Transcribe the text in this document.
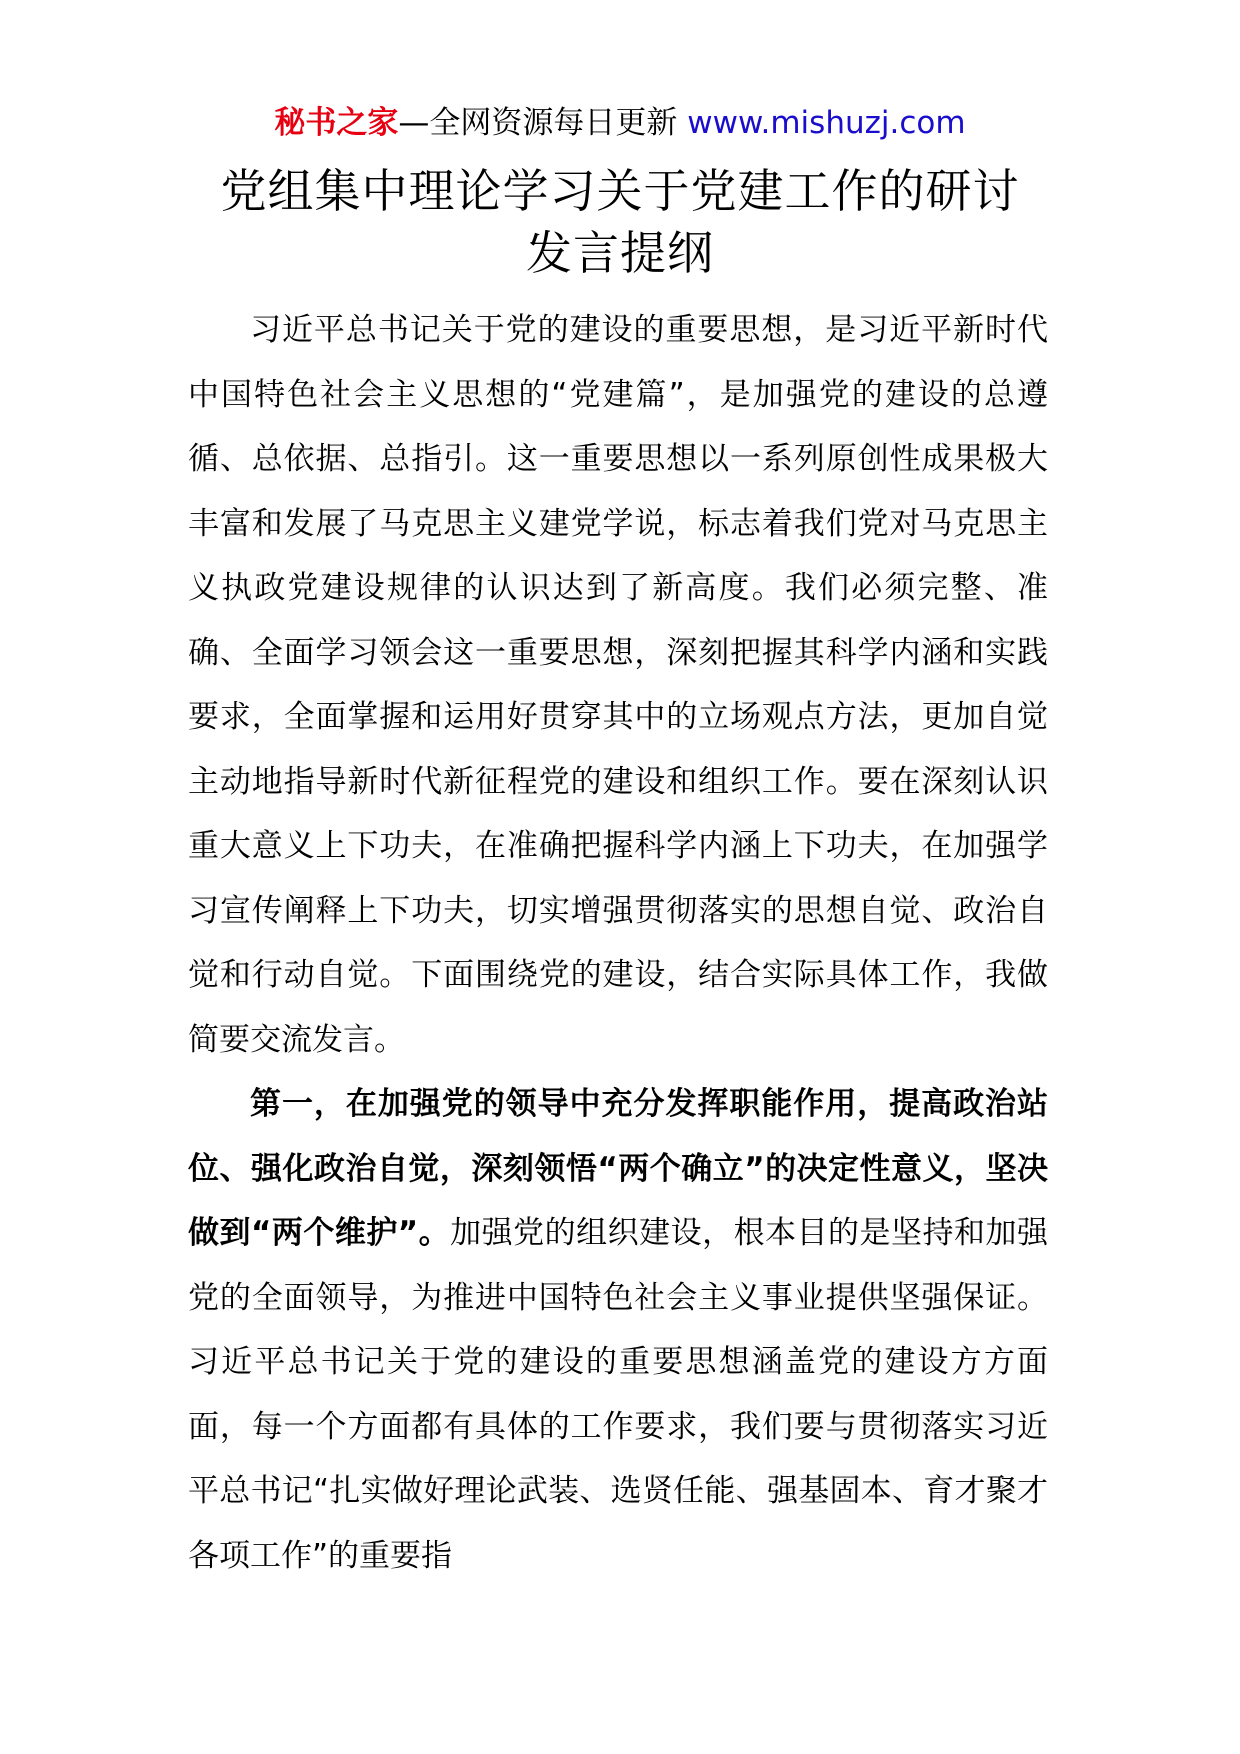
秘书之家—全网资源每日更新 www.mishuzj.com
党组集中理论学习关于党建工作的研讨
发言提纲

习近平总书记关于党的建设的重要思想，是习近平新时代中国特色社会主义思想的“党建篇”，是加强党的建设的总遵循、总依据、总指引。这一重要思想以一系列原创性成果极大丰富和发展了马克思主义建党学说，标志着我们党对马克思主义执政党建设规律的认识达到了新高度。我们必须完整、准确、全面学习领会这一重要思想，深刻把握其科学内涵和实践要求，全面掌握和运用好贯穿其中的立场观点方法，更加自觉主动地指导新时代新征程党的建设和组织工作。要在深刻认识重大意义上下功夫，在准确把握科学内涵上下功夫，在加强学习宣传阐释上下功夫，切实增强贯彻落实的思想自觉、政治自觉和行动自觉。下面围绕党的建设，结合实际具体工作，我做简要交流发言。

第一，在加强党的领导中充分发挥职能作用，提高政治站位、强化政治自觉，深刻领悟“两个确立”的决定性意义，坚决做到“两个维护”。加强党的组织建设，根本目的是坚持和加强党的全面领导，为推进中国特色社会主义事业提供坚强保证。习近平总书记关于党的建设的重要思想涵盖党的建设方方面面，每一个方面都有具体的工作要求，我们要与贯彻落实习近平总书记“扎实做好理论武装、选贤任能、强基固本、育才聚才各项工作”的重要指
